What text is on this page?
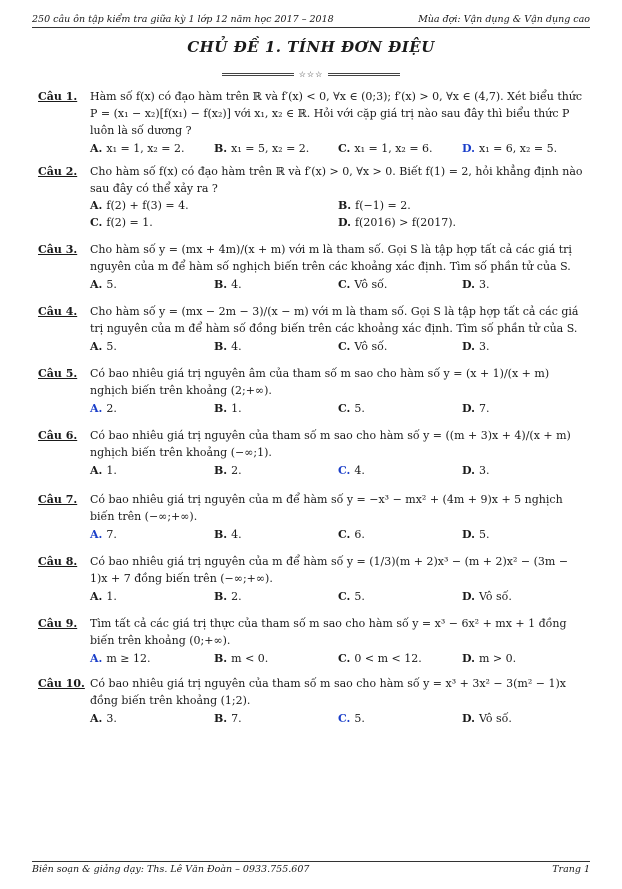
250 câu ôn tập kiểm tra giữa kỳ 1 lớp 12 năm học 2017 – 2018	Mùa đợi: Vận dụng & Vận dụng cao
CHỦ ĐỀ 1. TÍNH ĐƠN ĐIỆU
☆☆☆
Câu 1.	Hàm số f(x) có đạo hàm trên ℝ và f′(x) < 0, ∀x ∈ (0;3); f′(x) > 0, ∀x ∈ (4,7). Xét biểu thức P = (x₁ − x₂)[f(x₁) − f(x₂)] với x₁, x₂ ∈ ℝ. Hỏi với cặp giá trị nào sau đây thì biểu thức P luôn là số dương ?
A. x₁ = 1, x₂ = 2.	B. x₁ = 5, x₂ = 2.	C. x₁ = 1, x₂ = 6.	D. x₁ = 6, x₂ = 5.
Câu 2.	Cho hàm số f(x) có đạo hàm trên ℝ và f′(x) > 0, ∀x > 0. Biết f(1) = 2, hỏi khẳng định nào sau đây có thể xảy ra ?
A. f(2) + f(3) = 4.	B. f(−1) = 2.
C. f(2) = 1.	D. f(2016) > f(2017).
Câu 3.	Cho hàm số y = (mx + 4m)/(x + m) với m là tham số. Gọi S là tập hợp tất cả các giá trị nguyên của m để hàm số nghịch biến trên các khoảng xác định. Tìm số phần tử của S.
A. 5.	B. 4.	C. Vô số.	D. 3.
Câu 4.	Cho hàm số y = (mx − 2m − 3)/(x − m) với m là tham số. Gọi S là tập hợp tất cả các giá trị nguyên của m để hàm số đồng biến trên các khoảng xác định. Tìm số phần tử của S.
A. 5.	B. 4.	C. Vô số.	D. 3.
Câu 5.	Có bao nhiêu giá trị nguyên âm của tham số m sao cho hàm số y = (x + 1)/(x + m) nghịch biến trên khoảng (2;+∞).
A. 2.	B. 1.	C. 5.	D. 7.
Câu 6.	Có bao nhiêu giá trị nguyên của tham số m sao cho hàm số y = ((m + 3)x + 4)/(x + m) nghịch biến trên khoảng (−∞;1).
A. 1.	B. 2.	C. 4.	D. 3.
Câu 7.	Có bao nhiêu giá trị nguyên của m để hàm số y = −x³ − mx² + (4m + 9)x + 5 nghịch biến trên (−∞;+∞).
A. 7.	B. 4.	C. 6.	D. 5.
Câu 8.	Có bao nhiêu giá trị nguyên của m để hàm số y = (1/3)(m + 2)x³ − (m + 2)x² − (3m − 1)x + 7 đồng biến trên (−∞;+∞).
A. 1.	B. 2.	C. 5.	D. Vô số.
Câu 9.	Tìm tất cả các giá trị thực của tham số m sao cho hàm số y = x³ − 6x² + mx + 1 đồng biến trên khoảng (0;+∞).
A. m ≥ 12.	B. m < 0.	C. 0 < m < 12.	D. m > 0.
Câu 10. Có bao nhiêu giá trị nguyên của tham số m sao cho hàm số y = x³ + 3x² − 3(m² − 1)x đồng biến trên khoảng (1;2).
A. 3.	B. 7.	C. 5.	D. Vô số.
Biên soạn & giảng dạy: Ths. Lê Văn Đoàn – 0933.755.607	Trang 1
